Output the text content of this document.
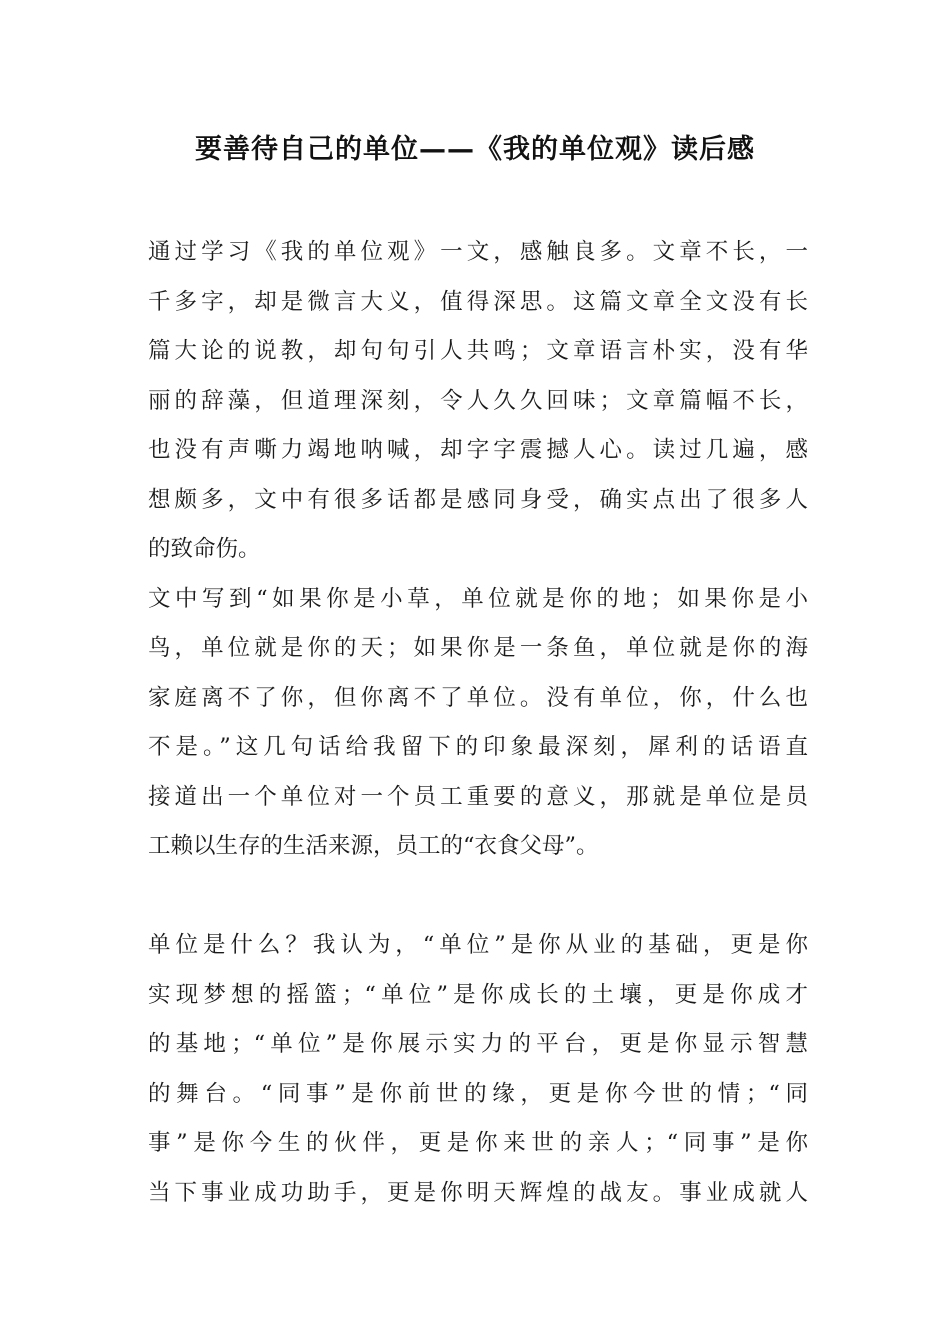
要善待自己的单位——《我的单位观》读后感
通过学习《我的单位观》一文，感触良多。文章不长，一
千多字，却是微言大义，值得深思。这篇文章全文没有长
篇大论的说教，却句句引人共鸣；文章语言朴实，没有华
丽的辞藻，但道理深刻，令人久久回味；文章篇幅不长，
也没有声嘶力竭地呐喊，却字字震撼人心。读过几遍，感
想颇多，文中有很多话都是感同身受，确实点出了很多人
的致命伤。
文中写到“如果你是小草，单位就是你的地；如果你是小
鸟，单位就是你的天；如果你是一条鱼，单位就是你的海
家庭离不了你，但你离不了单位。没有单位，你，什么也
不是。”这几句话给我留下的印象最深刻，犀利的话语直
接道出一个单位对一个员工重要的意义，那就是单位是员
工赖以生存的生活来源，员工的“衣食父母”。
单位是什么？我认为，“单位”是你从业的基础，更是你
实现梦想的摇篮；“单位”是你成长的土壤，更是你成才
的基地；“单位”是你展示实力的平台，更是你显示智慧
的舞台。“同事”是你前世的缘，更是你今世的情；“同
事”是你今生的伙伴，更是你来世的亲人；“同事”是你
当下事业成功助手，更是你明天辉煌的战友。事业成就人
